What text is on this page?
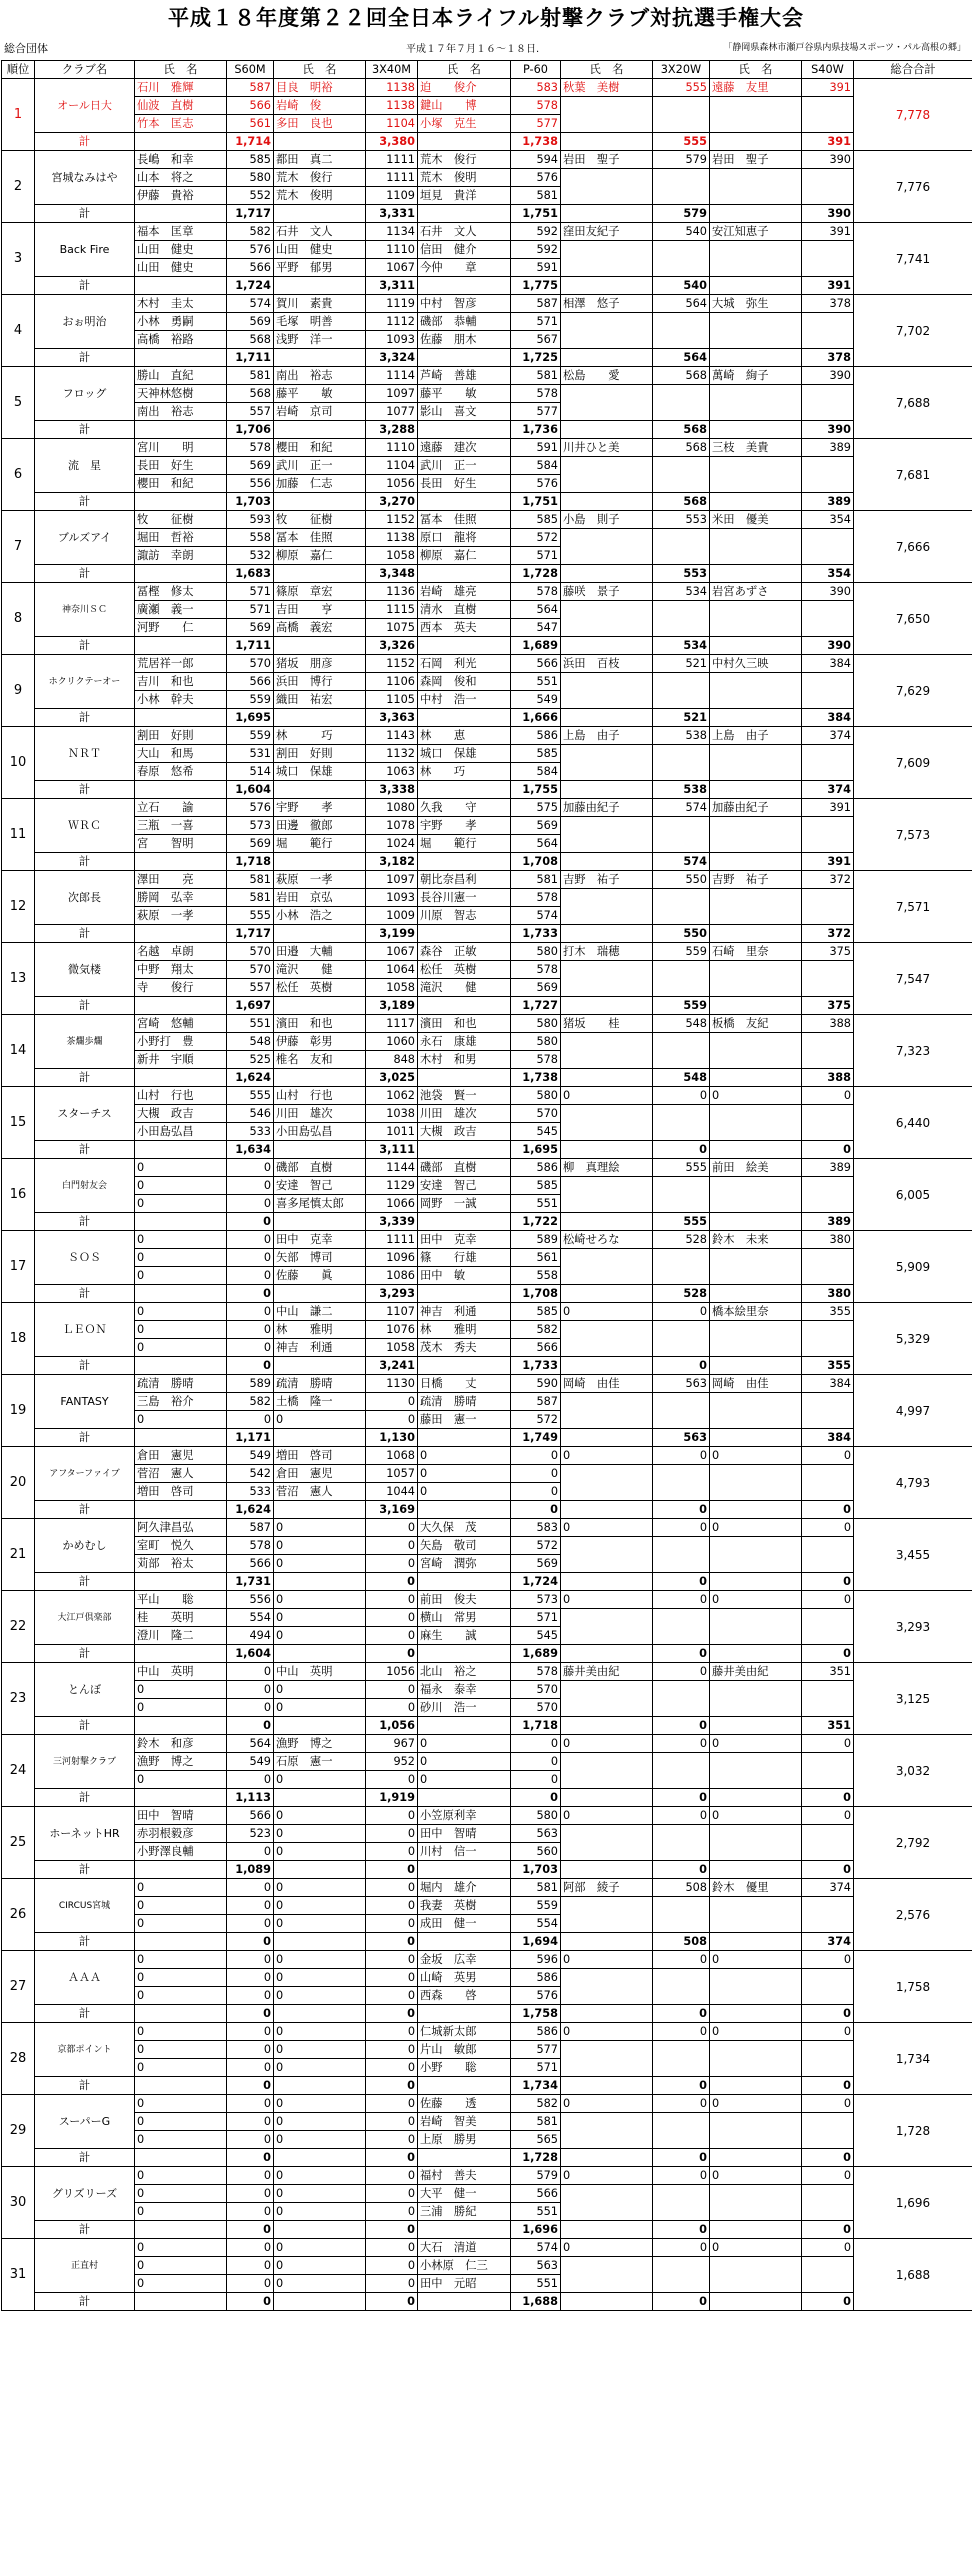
平成１８年度第２２回全日本ライフル射撃クラブ対抗選手権大会
総合団体	平成１７年７月１６～１８日.	「静岡県森林市瀬戸谷県内県技場スポーツ・パル高根の郷」
順位	クラブ名	氏　名	S60M	氏　名	3X40M	氏　名	P-60	氏　名	3X20W	氏　名	S40W	総合合計
1	オール日大	石川　雅輝	587	目良　明裕	1138	迫　　俊介	583	秋葉　美樹	555	遠藤　友里	391	7,778
		仙波　直樹	566	岩崎　俊	1138	鍵山　　博	578					
		竹本　匡志	561	多田　良也	1104	小塚　克生	577					
	計		1,714		3,380		1,738		555		391	
2	宮城なみはや	長嶋　和幸	585	都田　真二	1111	荒木　俊行	594	岩田　聖子	579	岩田　聖子	390	7,776
		山本　将之	580	荒木　俊行	1111	荒木　俊明	576					
		伊藤　貴裕	552	荒木　俊明	1109	垣見　貴洋	581					
	計		1,717		3,331		1,751		579		390	
3	Back Fire	福本　匡章	582	石井　文人	1134	石井　文人	592	窪田友紀子	540	安江知恵子	391	7,741
		山田　健史	576	山田　健史	1110	信田　健介	592					
		山田　健史	566	平野　郁男	1067	今仲　　章	591					
	計		1,724		3,311		1,775		540		391	
4	おぉ明治	木村　圭太	574	賀川　素貴	1119	中村　智彦	587	相澤　悠子	564	大城　弥生	378	7,702
		小林　勇嗣	569	毛塚　明善	1112	磯部　恭輔	571					
		高橋　裕路	568	浅野　洋一	1093	佐藤　朋木	567					
	計		1,711		3,324		1,725		564		378	
5	フロッグ	勝山　直紀	581	南出　裕志	1114	芦崎　善雄	581	松島　　愛	568	萬崎　絢子	390	7,688
		天神林悠樹	568	藤平　　敏	1097	藤平　　敏	578					
		南出　裕志	557	岩崎　京司	1077	影山　喜文	577					
	計		1,706		3,288		1,736		568		390	
6	流　星	宮川　　明	578	櫻田　和紀	1110	遠藤　建次	591	川井ひと美	568	三枝　美貴	389	7,681
		長田　好生	569	武川　正一	1104	武川　正一	584					
		櫻田　和紀	556	加藤　仁志	1056	長田　好生	576					
	計		1,703		3,270		1,751		568		389	
7	ブルズアイ	牧　　征樹	593	牧　　征樹	1152	冨本　佳照	585	小島　則子	553	米田　優美	354	7,666
		堀田　哲裕	558	冨本　佳照	1138	原口　龍将	572					
		諏訪　幸朗	532	柳原　嘉仁	1058	柳原　嘉仁	571					
	計		1,683		3,348		1,728		553		354	
8	神奈川ＳＣ	冨樫　修太	571	篠原　章宏	1136	岩崎　雄亮	578	藤咲　景子	534	岩宮あずさ	390	7,650
		廣瀬　義一	571	吉田　　亨	1115	清水　直樹	564					
		河野　　仁	569	高橋　義宏	1075	西本　英夫	547					
	計		1,711		3,326		1,689		534		390	
9	ホクリクテーオー	荒居祥一郎	570	猪坂　朋彦	1152	石岡　利光	566	浜田　百枝	521	中村久三映	384	7,629
		吉川　和也	566	浜田　博行	1106	森岡　俊和	551					
		小林　幹夫	559	織田　祐宏	1105	中村　浩一	549					
	計		1,695		3,363		1,666		521		384	
10	ＮＲＴ	割田　好則	559	林　　　巧	1143	林　　恵	586	上島　由子	538	上島　由子	374	7,609
		大山　和馬	531	割田　好則	1132	城口　保雄	585					
		春原　悠希	514	城口　保雄	1063	林　　巧	584					
	計		1,604		3,338		1,755		538		374	
11	ＷＲＣ	立石　　諭	576	宇野　　孝	1080	久我　　守	575	加藤由紀子	574	加藤由紀子	391	7,573
		三瓶　一喜	573	田邊　徹郎	1078	宇野　　孝	569					
		宮　　智明	569	堀　　範行	1024	堀　　範行	564					
	計		1,718		3,182		1,708		574		391	
12	次郎長	澤田　　亮	581	萩原　一孝	1097	朝比奈昌利	581	吉野　祐子	550	吉野　祐子	372	7,571
		勝岡　弘幸	581	岩田　京弘	1093	長谷川憲一	578					
		萩原　一孝	555	小林　浩之	1009	川原　智志	574					
	計		1,717		3,199		1,733		550		372	
13	微気楼	名越　卓朗	570	田邉　大輔	1067	森谷　正敏	580	打木　瑞穂	559	石崎　里奈	375	7,547
		中野　翔太	570	滝沢　　健	1064	松任　英樹	578					
		寺　　俊行	557	松任　英樹	1058	滝沢　　健	569					
	計		1,697		3,189		1,727		559		375	
14	茶爛歩爛	宮崎　悠輔	551	濱田　和也	1117	濱田　和也	580	猪坂　　桂	548	板橋　友紀	388	7,323
		小野打　豊	548	伊藤　彰男	1060	永石　康雄	580					
		新井　宇順	525	椎名　友和	848	木村　和男	578					
	計		1,624		3,025		1,738		548		388	
15	スターチス	山村　行也	555	山村　行也	1062	池袋　賢一	580	0	0	0	0	6,440
		大槻　政吉	546	川田　雄次	1038	川田　雄次	570					
		小田島弘昌	533	小田島弘昌	1011	大槻　政吉	545					
	計		1,634		3,111		1,695		0		0	
16	白門射友会	0	0	磯部　直樹	1144	磯部　直樹	586	柳　真理絵	555	前田　絵美	389	6,005
		0	0	安達　智己	1129	安達　智己	585					
		0	0	喜多尾慎太郎	1066	岡野　一誠	551					
	計		0		3,339		1,722		555		389	
17	ＳＯＳ	0	0	田中　克幸	1111	田中　克幸	589	松崎せろな	528	鈴木　未来	380	5,909
		0	0	矢部　博司	1096	篠　　行雄	561					
		0	0	佐藤　　眞	1086	田中　敏	558					
	計		0		3,293		1,708		528		380	
18	ＬＥＯＮ	0	0	中山　謙二	1107	神吉　利通	585	0	0	橋本絵里奈	355	5,329
		0	0	林　　雅明	1076	林　　雅明	582					
		0	0	神吉　利通	1058	茂木　秀夫	566					
	計		0		3,241		1,733		0		355	
19	FANTASY	疏清　勝晴	589	疏清　勝晴	1130	日橋　　丈	590	岡崎　由佳	563	岡崎　由佳	384	4,997
		三島　裕介	582	土橋　隆一	0	疏清　勝晴	587					
		0	0	0	0	藤田　憲一	572					
	計		1,171		1,130		1,749		563		384	
20	アフターファイブ	倉田　憲児	549	増田　啓司	1068	0	0	0	0	0	0	4,793
		菅沼　憲人	542	倉田　憲児	1057	0	0					
		増田　啓司	533	菅沼　憲人	1044	0	0					
	計		1,624		3,169		0		0		0	
21	かめむし	阿久津昌弘	587	0	0	大久保　茂	583	0	0	0	0	3,455
		室町　悦久	578	0	0	矢島　敬司	572					
		苅部　裕太	566	0	0	宮崎　潤弥	569					
	計		1,731		0		1,724		0		0	
22	大江戸倶楽部	平山　　聡	556	0	0	前田　俊夫	573	0	0	0	0	3,293
		桂　　英明	554	0	0	横山　常男	571					
		澄川　隆二	494	0	0	麻生　　誠	545					
	計		1,604		0		1,689		0		0	
23	とんぼ	中山　英明	0	中山　英明	1056	北山　裕之	578	藤井美由紀	0	藤井美由紀	351	3,125
		0	0	0	0	福永　泰幸	570					
		0	0	0	0	砂川　浩一	570					
	計		0		1,056		1,718		0		351	
24	三河射撃クラブ	鈴木　和彦	564	漁野　博之	967	0	0	0	0	0	0	3,032
		漁野　博之	549	石原　憲一	952	0	0					
		0	0	0	0	0	0					
	計		1,113		1,919		0		0		0	
25	ホーネットHR	田中　智晴	566	0	0	小笠原利幸	580	0	0	0	0	2,792
		赤羽根毅彦	523	0	0	田中　智晴	563					
		小野澤良輔	0	0	0	川村　信一	560					
	計		1,089		0		1,703		0		0	
26	CIRCUS宮城	0	0	0	0	堀内　雄介	581	阿部　綾子	508	鈴木　優里	374	2,576
		0	0	0	0	我妻　英樹	559					
		0	0	0	0	成田　健一	554					
	計		0		0		1,694		508		374	
27	ＡＡＡ	0	0	0	0	金坂　広幸	596	0	0	0	0	1,758
		0	0	0	0	山崎　英男	586					
		0	0	0	0	西森　　啓	576					
	計		0		0		1,758		0		0	
28	京都ポイント	0	0	0	0	仁城新太郎	586	0	0	0	0	1,734
		0	0	0	0	片山　敏郎	577					
		0	0	0	0	小野　　聡	571					
	計		0		0		1,734		0		0	
29	スーパーG	0	0	0	0	佐藤　　透	582	0	0	0	0	1,728
		0	0	0	0	岩崎　智美	581					
		0	0	0	0	上原　勝男	565					
	計		0		0		1,728		0		0	
30	グリズリーズ	0	0	0	0	福村　善夫	579	0	0	0	0	1,696
		0	0	0	0	大平　健一	566					
		0	0	0	0	三浦　勝紀	551					
	計		0		0		1,696		0		0	
31	正直村	0	0	0	0	大石　清道	574	0	0	0	0	1,688
		0	0	0	0	小林原　仁三	563					
		0	0	0	0	田中　元昭	551					
	計		0		0		1,688		0		0	
